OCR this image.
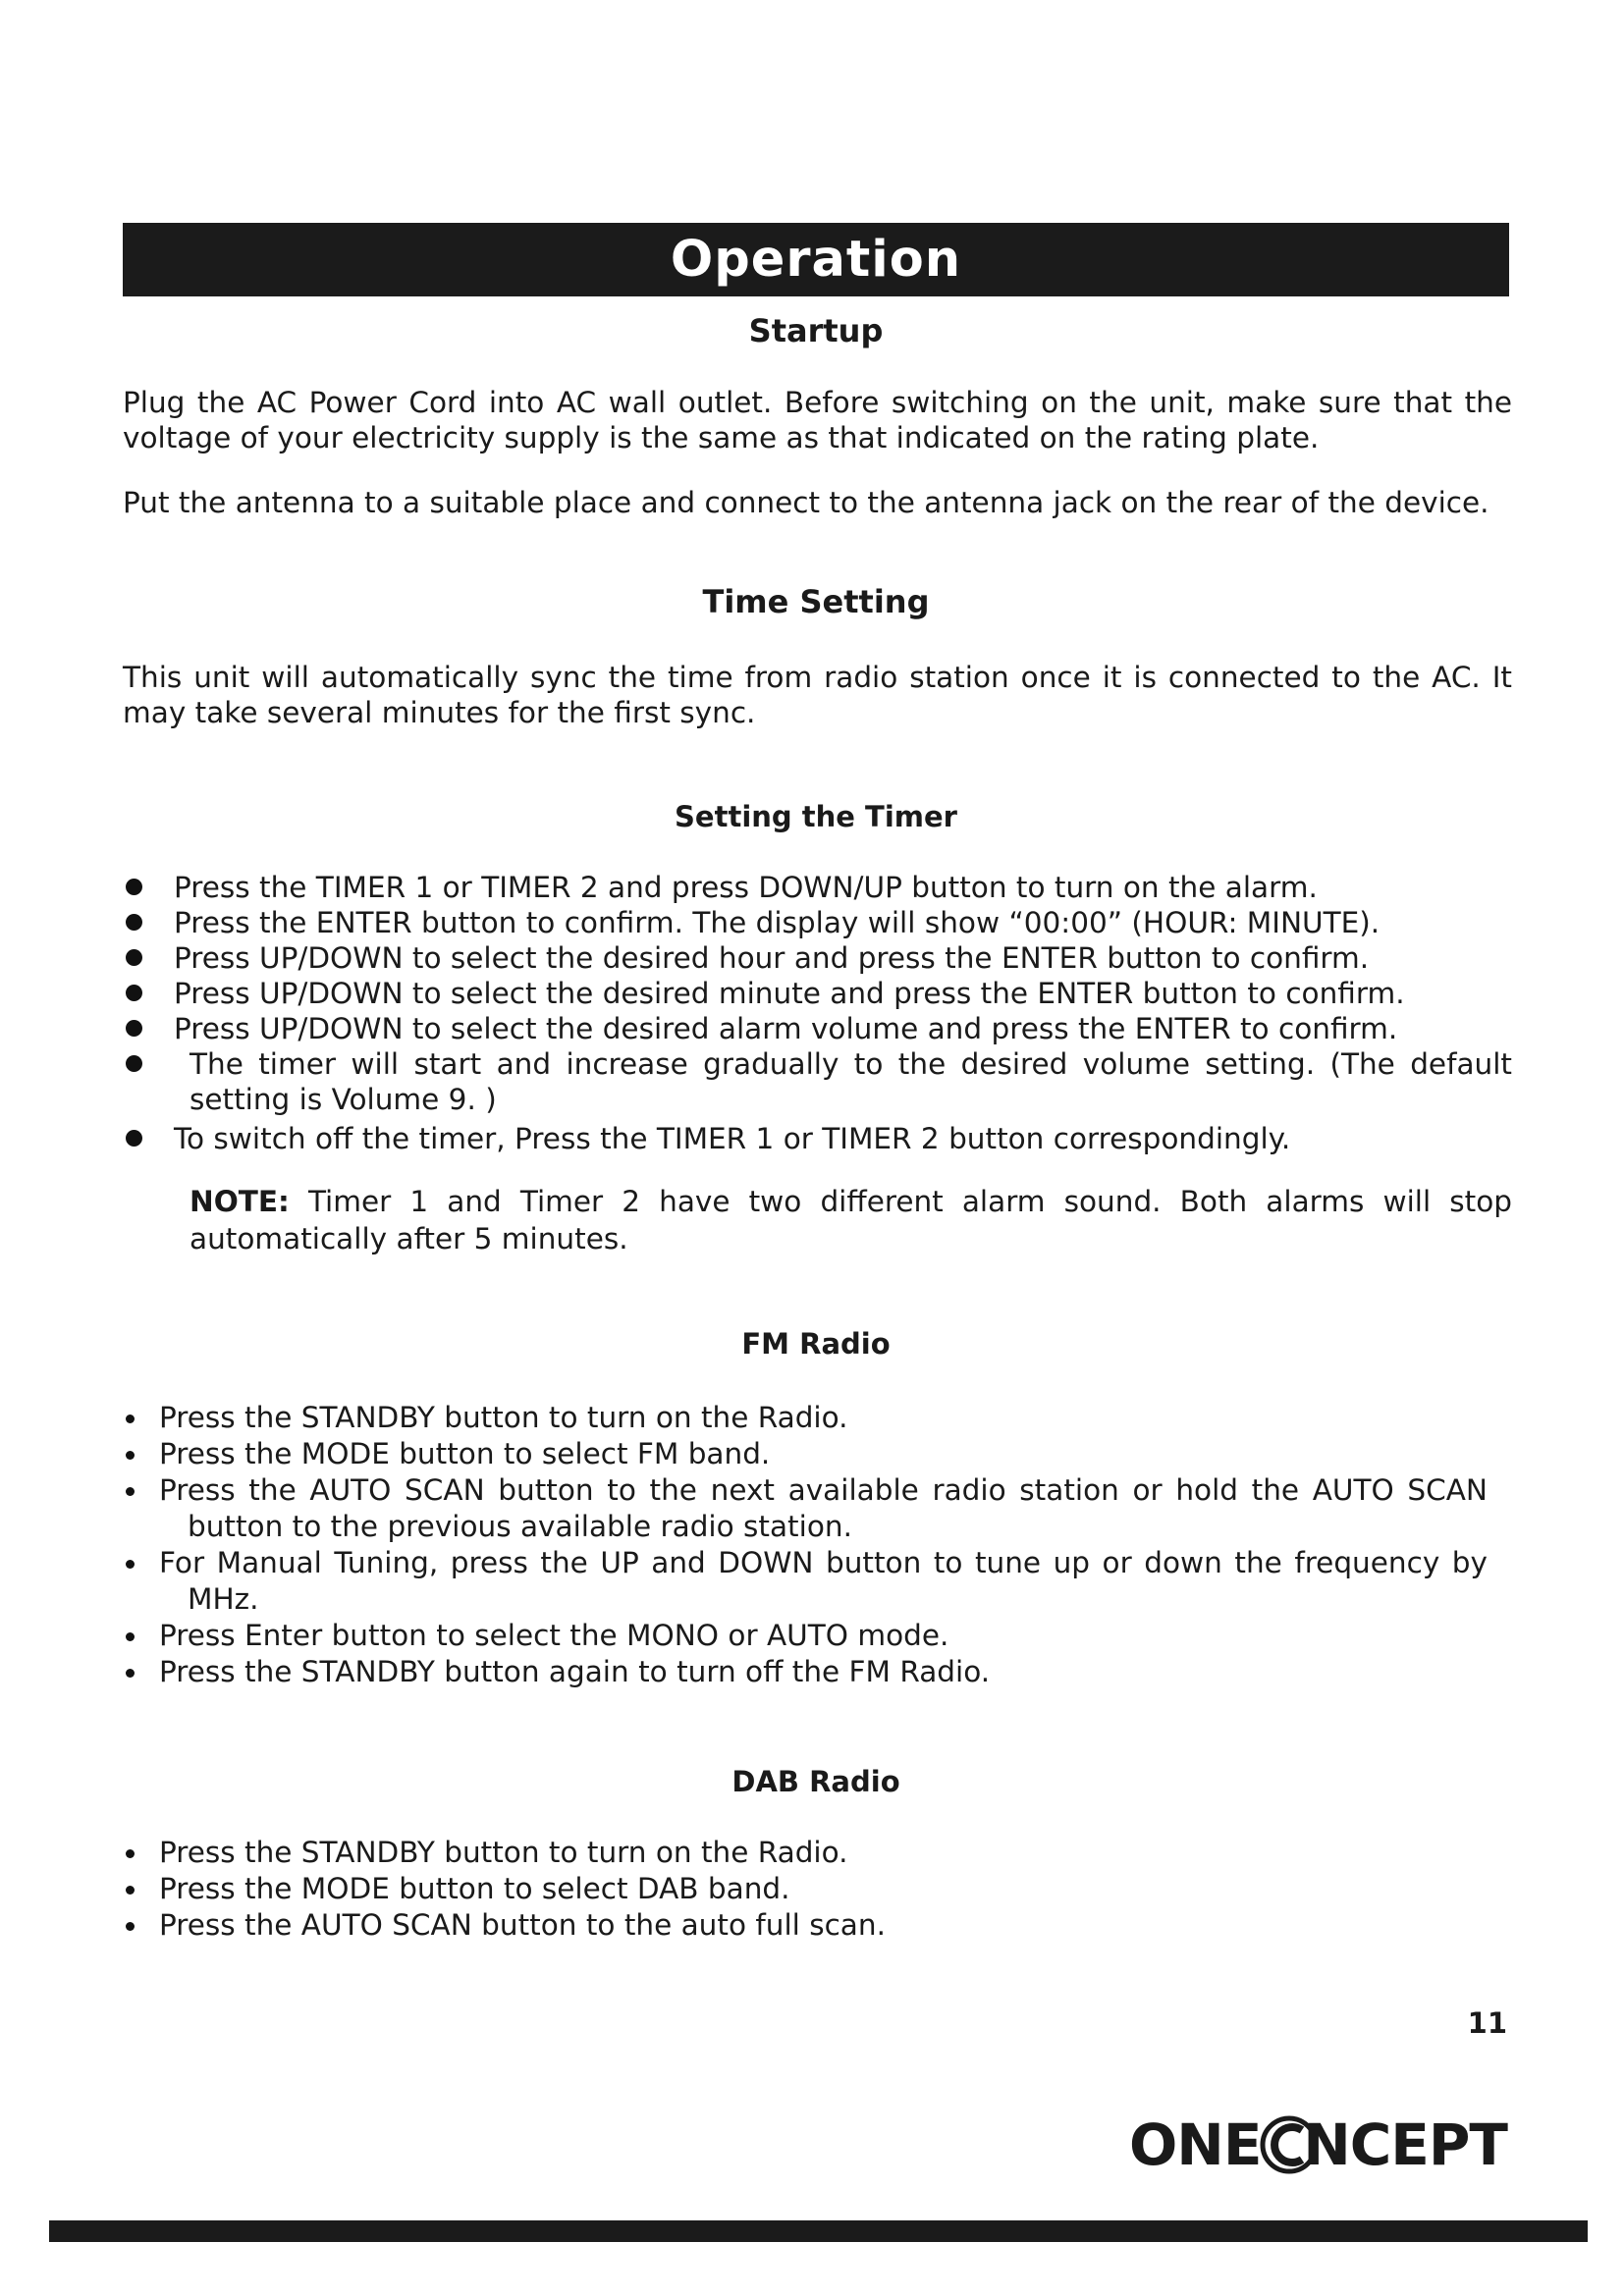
Operation
Startup
Plug the AC Power Cord into AC wall outlet. Before switching on the unit, make sure that the voltage of your electricity supply is the same as that indicated on the rating plate.
Put the antenna to a suitable place and connect to the antenna jack on the rear of the device.
Time Setting
This unit will automatically sync the time from radio station once it is connected to the AC. It may take several minutes for the first sync.
Setting the Timer
Press the TIMER 1 or TIMER 2 and press DOWN/UP button to turn on the alarm.
Press the ENTER button to confirm. The display will show “00:00” (HOUR: MINUTE).
Press UP/DOWN to select the desired hour and press the ENTER button to confirm.
Press UP/DOWN to select the desired minute and press the ENTER button to confirm.
Press UP/DOWN to select the desired alarm volume and press the ENTER to confirm.
The timer will start and increase gradually to the desired volume setting. (The default setting is Volume 9. )
To switch off the timer, Press the TIMER 1 or TIMER 2 button correspondingly.
NOTE: Timer 1 and Timer 2 have two different alarm sound. Both alarms will stop automatically after 5 minutes.
FM Radio
Press the STANDBY button to turn on the Radio.
Press the MODE button to select FM band.
Press the AUTO SCAN button to the next available radio station or hold the AUTO SCAN
button to the previous available radio station.
For Manual Tuning, press the UP and DOWN button to tune up or down the frequency by
MHz.
Press Enter button to select the MONO or AUTO mode.
Press the STANDBY button again to turn off the FM Radio.
DAB Radio
Press the STANDBY button to turn on the Radio.
Press the MODE button to select DAB band.
Press the AUTO SCAN button to the auto full scan.
11
ONE NCEPT
